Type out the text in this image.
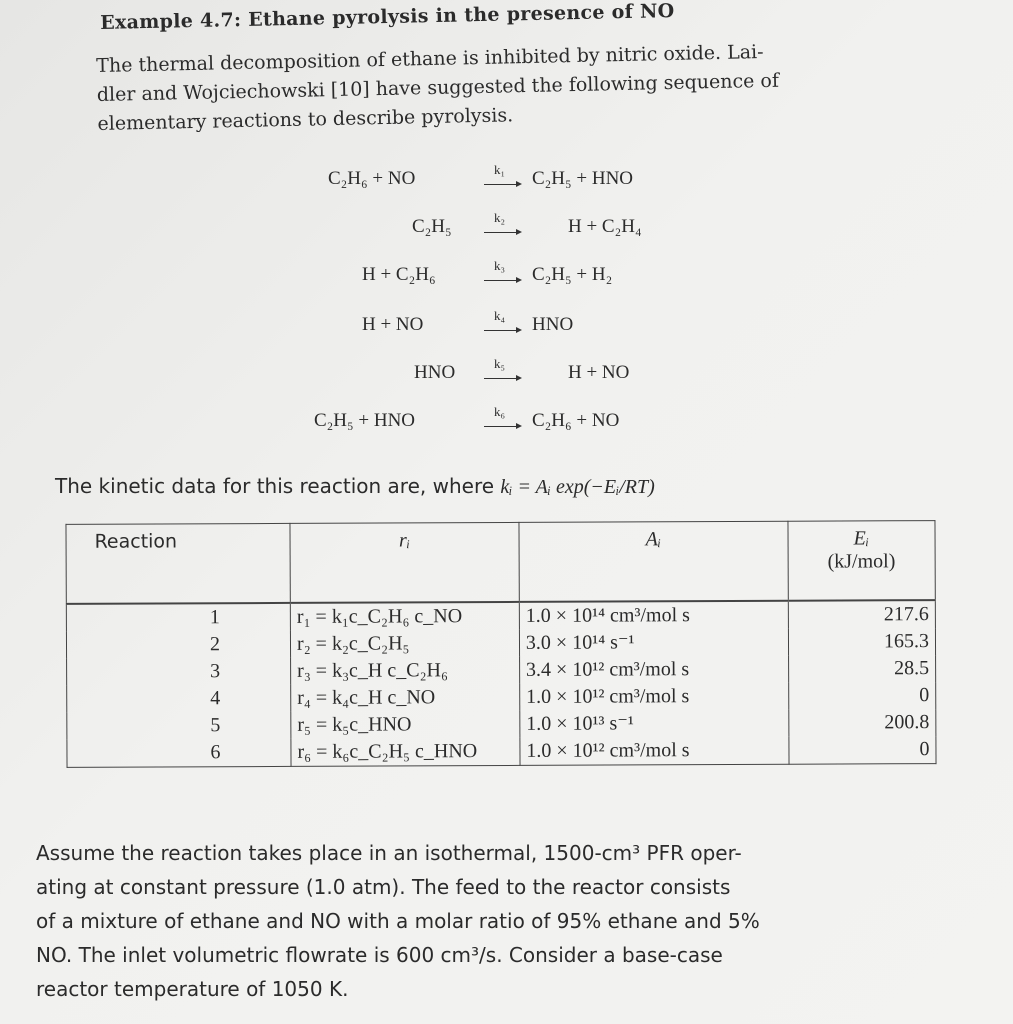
Example 4.7: Ethane pyrolysis in the presence of NO
The thermal decomposition of ethane is inhibited by nitric oxide. Lai-
dler and Wojciechowski [10] have suggested the following sequence of
elementary reactions to describe pyrolysis.
C₂H₆ + NO	k₁ C₂H₅ + HNO
C₂H₅	k₂	H + C₂H₄
H + C₂H₆	k₃ C₂H₅ + H₂
H + NO	k₄ HNO
HNO	k₅	H + NO
C₂H₅ + HNO	k₆ C₂H₆ + NO
The kinetic data for this reaction are, where kᵢ = Aᵢ exp(−Eᵢ/RT)
Reaction	rᵢ	Aᵢ	Eᵢ
(kJ/mol)

1	r₁ = k₁c_C₂H₆ c_NO	1.0 × 10¹⁴ cm³/mol s	217.6
2	r₂ = k₂c_C₂H₅	3.0 × 10¹⁴ s⁻¹	165.3
3	r₃ = k₃c_H c_C₂H₆	3.4 × 10¹² cm³/mol s	28.5
4	r₄ = k₄c_H c_NO	1.0 × 10¹² cm³/mol s	0
5	r₅ = k₅c_HNO	1.0 × 10¹³ s⁻¹	200.8
6	r₆ = k₆c_C₂H₅ c_HNO	1.0 × 10¹² cm³/mol s	0
Assume the reaction takes place in an isothermal, 1500-cm³ PFR oper-
ating at constant pressure (1.0 atm). The feed to the reactor consists
of a mixture of ethane and NO with a molar ratio of 95% ethane and 5%
NO. The inlet volumetric flowrate is 600 cm³/s. Consider a base-case
reactor temperature of 1050 K.
